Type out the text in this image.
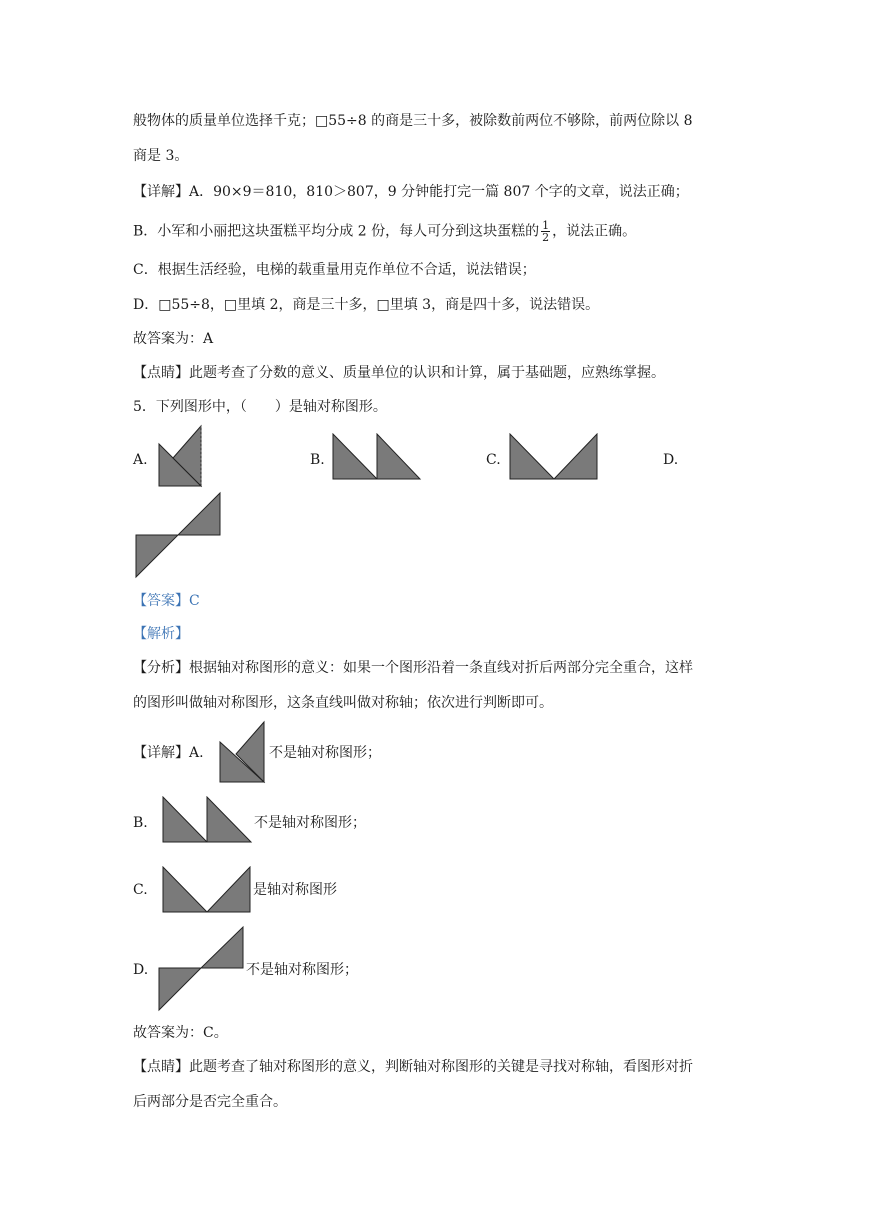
般物体的质量单位选择千克；□55÷8 的商是三十多，被除数前两位不够除，前两位除以 8
商是 3。
【详解】A．90×9＝810，810＞807，9 分钟能打完一篇 807 个字的文章，说法正确；
B．小军和小丽把这块蛋糕平均分成 2 份，每人可分到这块蛋糕的 $\frac{1}{2}$ ，说法正确。
C．根据生活经验，电梯的载重量用克作单位不合适，说法错误；
D．□55÷8，□里填 2，商是三十多，□里填 3，商是四十多，说法错误。
故答案为：A
【点睛】此题考查了分数的意义、质量单位的认识和计算，属于基础题，应熟练掌握。
5．下列图形中，（　　）是轴对称图形。
A.	B.	C.	D.
【答案】C
【解析】
【分析】根据轴对称图形的意义：如果一个图形沿着一条直线对折后两部分完全重合，这样
的图形叫做轴对称图形，这条直线叫做对称轴；依次进行判断即可。
【详解】A.	不是轴对称图形；
B.	不是轴对称图形；
C.	是轴对称图形
D.	不是轴对称图形；
故答案为：C。
【点睛】此题考查了轴对称图形的意义，判断轴对称图形的关键是寻找对称轴，看图形对折
后两部分是否完全重合。
